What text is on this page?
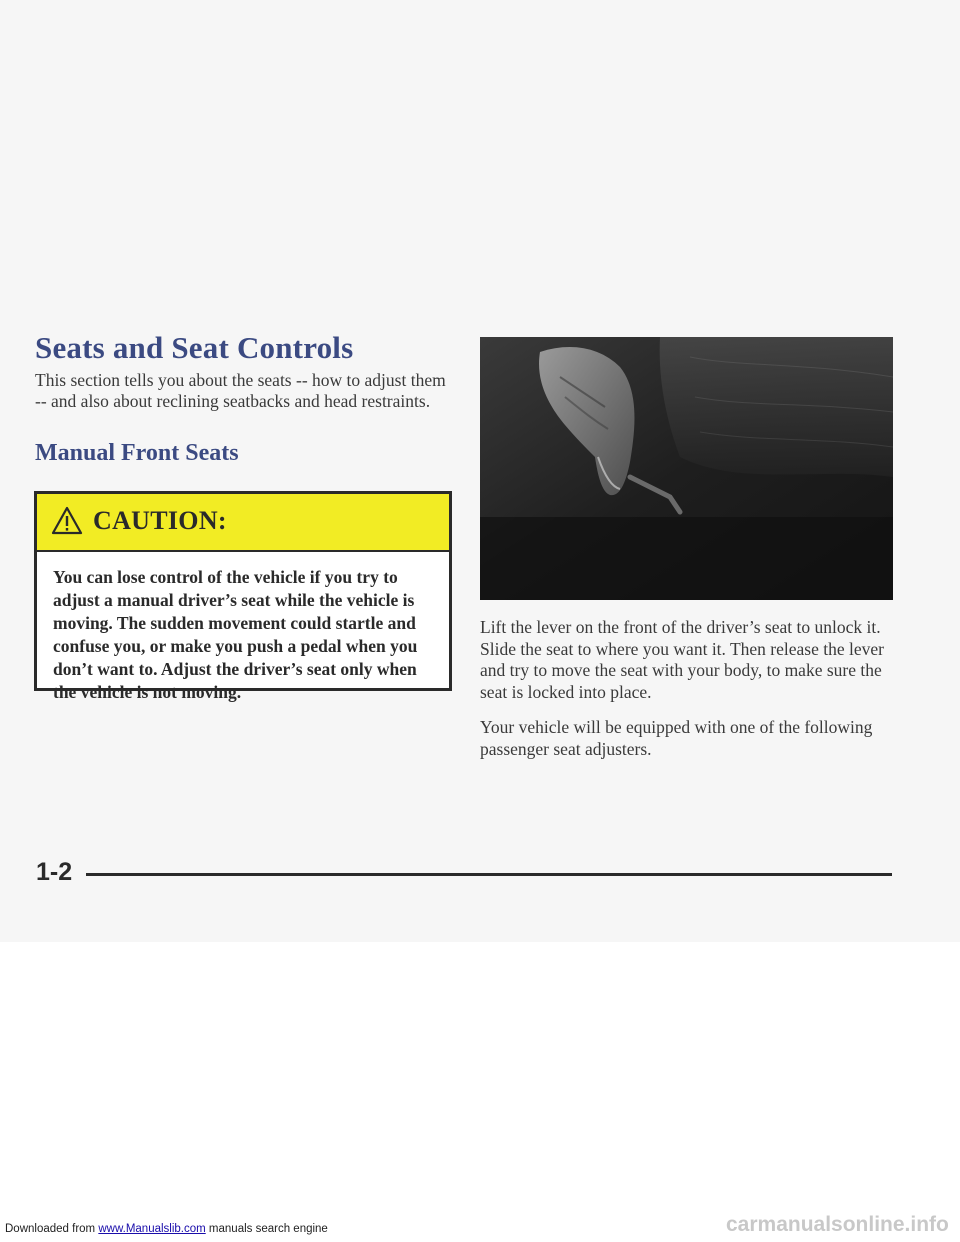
Seats and Seat Controls

This section tells you about the seats -- how to adjust them -- and also about reclining seatbacks and head restraints.

Manual Front Seats
CAUTION:

You can lose control of the vehicle if you try to adjust a manual driver’s seat while the vehicle is moving. The sudden movement could startle and confuse you, or make you push a pedal when you don’t want to. Adjust the driver’s seat only when the vehicle is not moving.

Lift the lever on the front of the driver’s seat to unlock it. Slide the seat to where you want it. Then release the lever and try to move the seat with your body, to make sure the seat is locked into place.

Your vehicle will be equipped with one of the following passenger seat adjusters.

1-2
Downloaded from www.Manualslib.com manuals search engine	carmanualsonline.info
